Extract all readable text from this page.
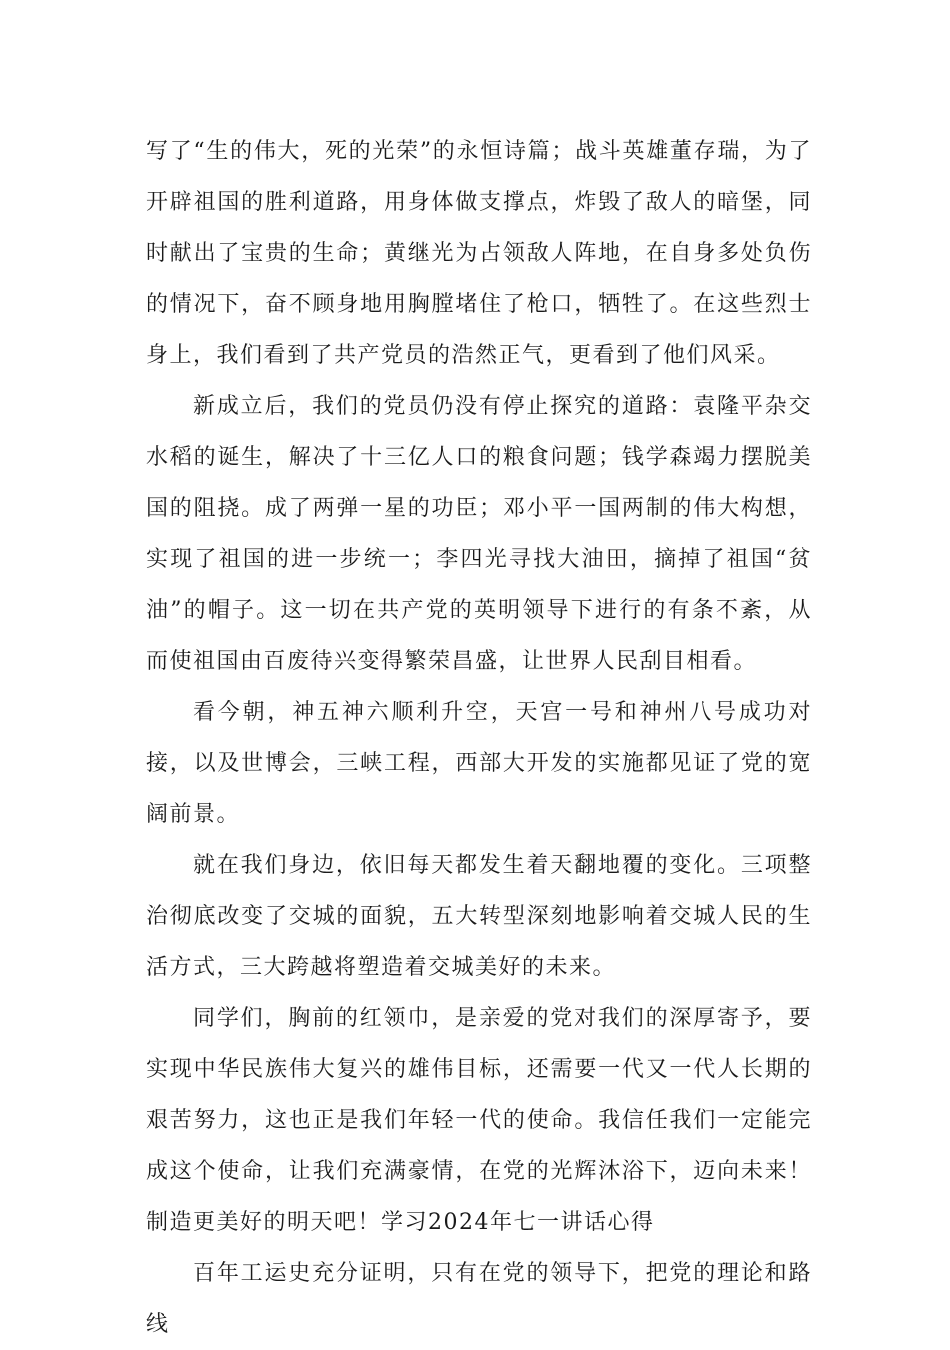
写了“生的伟大，死的光荣”的永恒诗篇；战斗英雄董存瑞，为了开辟祖国的胜利道路，用身体做支撑点，炸毁了敌人的暗堡，同时献出了宝贵的生命；黄继光为占领敌人阵地，在自身多处负伤的情况下，奋不顾身地用胸膛堵住了枪口，牺牲了。在这些烈士身上，我们看到了共产党员的浩然正气，更看到了他们风采。

新成立后，我们的党员仍没有停止探究的道路：袁隆平杂交水稻的诞生，解决了十三亿人口的粮食问题；钱学森竭力摆脱美国的阻挠。成了两弹一星的功臣；邓小平一国两制的伟大构想，实现了祖国的进一步统一；李四光寻找大油田，摘掉了祖国“贫油”的帽子。这一切在共产党的英明领导下进行的有条不紊，从而使祖国由百废待兴变得繁荣昌盛，让世界人民刮目相看。

看今朝，神五神六顺利升空，天宫一号和神州八号成功对接，以及世博会，三峡工程，西部大开发的实施都见证了党的宽阔前景。

就在我们身边，依旧每天都发生着天翻地覆的变化。三项整治彻底改变了交城的面貌，五大转型深刻地影响着交城人民的生活方式，三大跨越将塑造着交城美好的未来。

同学们，胸前的红领巾，是亲爱的党对我们的深厚寄予，要实现中华民族伟大复兴的雄伟目标，还需要一代又一代人长期的艰苦努力，这也正是我们年轻一代的使命。我信任我们一定能完成这个使命，让我们充满豪情，在党的光辉沐浴下，迈向未来！制造更美好的明天吧！学习2024年七一讲话心得

百年工运史充分证明，只有在党的领导下，把党的理论和路线
